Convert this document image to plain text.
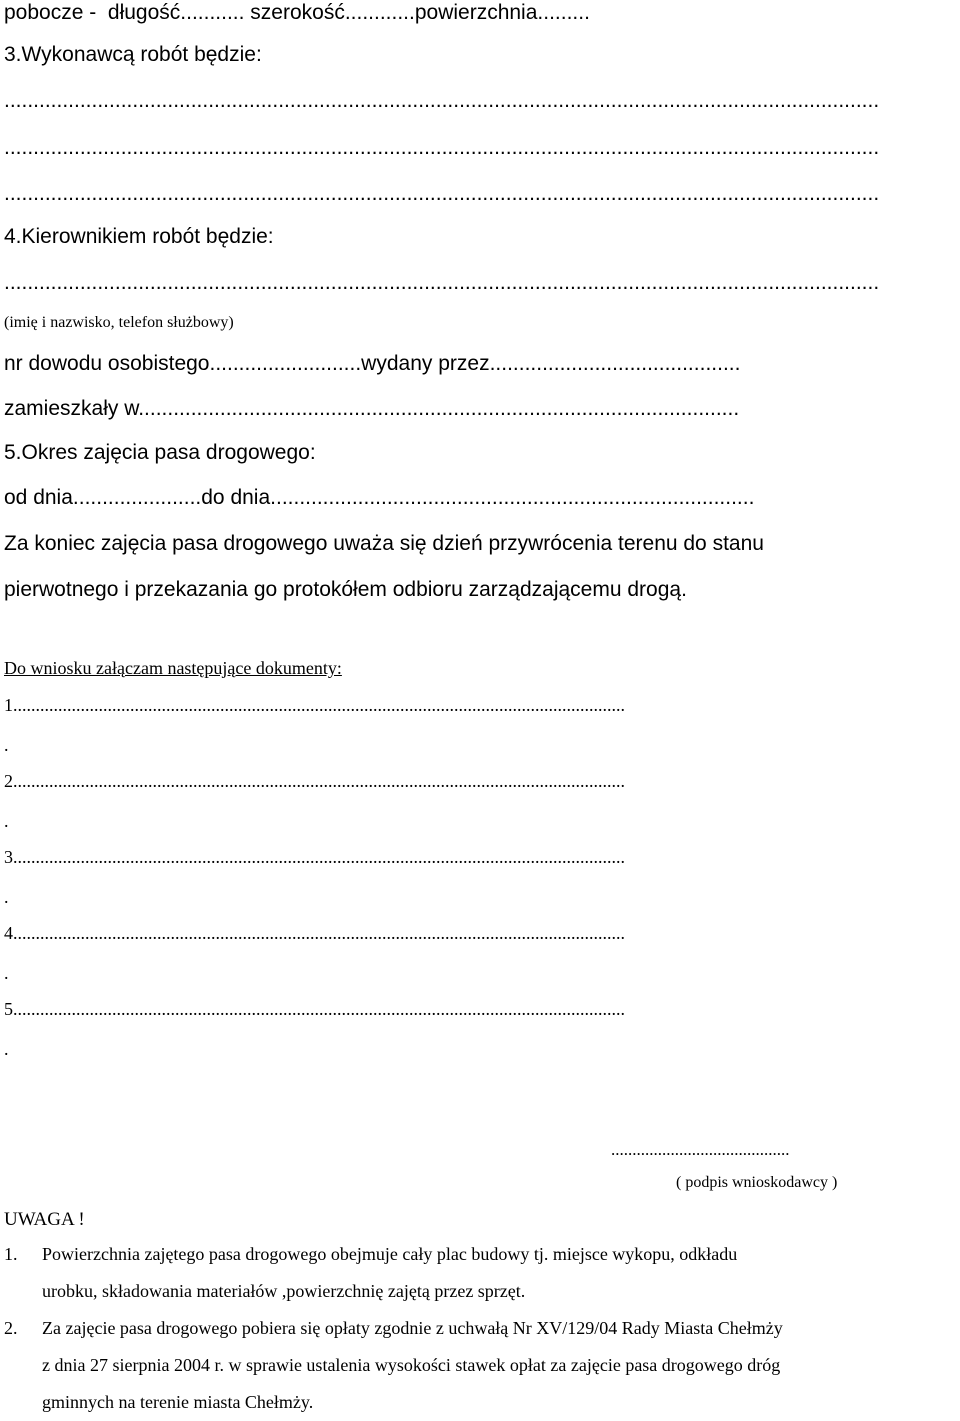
pobocze -  długość........... szerokość............powierzchnia.........
3.Wykonawcą robót będzie:
......................................................................................................................................................
......................................................................................................................................................
......................................................................................................................................................
4.Kierownikiem robót będzie:
......................................................................................................................................................
(imię i nazwisko, telefon służbowy)
nr dowodu osobistego..........................wydany przez...........................................
zamieszkały w.......................................................................................................
5.Okres zajęcia pasa drogowego:
od dnia......................do dnia...................................................................................
Za koniec zajęcia pasa drogowego uważa się dzień przywrócenia terenu do stanu
pierwotnego i przekazania go protokółem odbioru zarządzającemu drogą.
Do wniosku załączam następujące dokumenty:
1........................................................................................................................................
.
2........................................................................................................................................
.
3........................................................................................................................................
.
4........................................................................................................................................
.
5........................................................................................................................................
.
..........................................
( podpis wnioskodawcy )
UWAGA !
1. Powierzchnia zajętego pasa drogowego obejmuje cały plac budowy tj. miejsce wykopu, odkładu
urobku, składowania materiałów ,powierzchnię zajętą przez sprzęt.
2. Za zajęcie pasa drogowego pobiera się opłaty zgodnie z uchwałą Nr XV/129/04 Rady Miasta Chełmży
z dnia 27 sierpnia 2004 r. w sprawie ustalenia wysokości stawek opłat za zajęcie pasa drogowego dróg
gminnych na terenie miasta Chełmży.
